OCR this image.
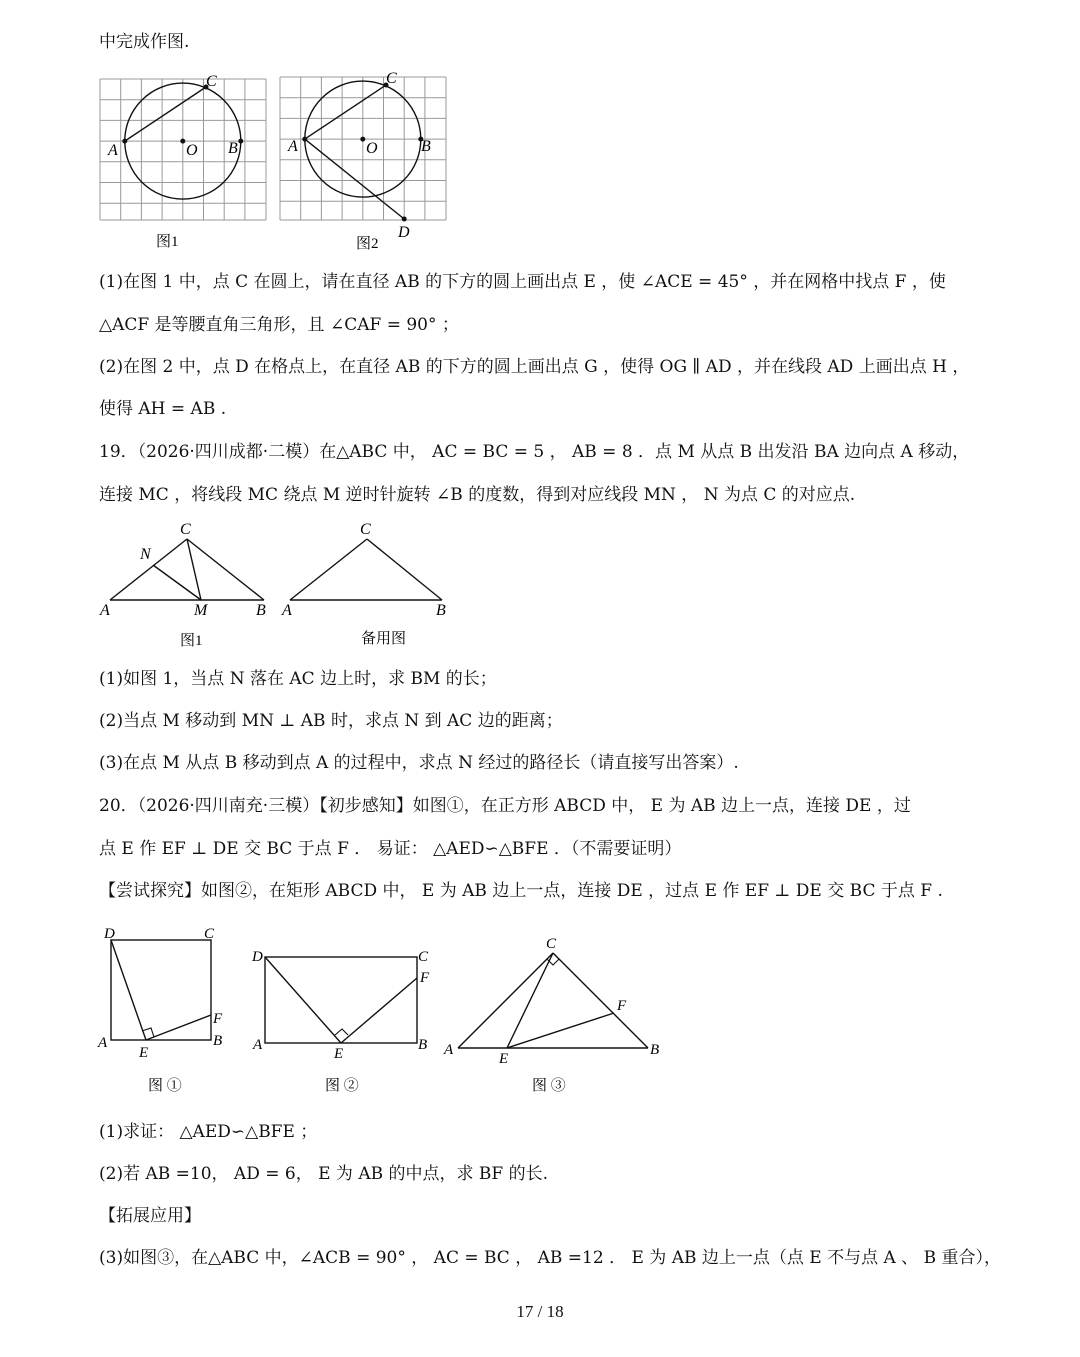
中完成作图.
A	O B
C
图1
A	O	B
C
D
图2
(1)在图 1 中，点 C 在圆上，请在直径 AB 的下方的圆上画出点 E ，使 ∠ACE = 45° ，并在网格中找点 F ，使
△ACF 是等腰直角三角形，且 ∠CAF = 90° ；
(2)在图 2 中，点 D 在格点上，在直径 AB 的下方的圆上画出点 G ，使得 OG ∥ AD ，并在线段 AD 上画出点 H ，
使得 AH = AB .
19．（2026·四川成都·二模）在△ABC 中， AC = BC = 5 ， AB = 8 ．点 M 从点 B 出发沿 BA 边向点 A 移动，
连接 MC ，将线段 MC 绕点 M 逆时针旋转 ∠B 的度数，得到对应线段 MN ， N 为点 C 的对应点.
A	M	B
C
N
图1
A	B
C
备用图
(1)如图 1，当点 N 落在 AC 边上时，求 BM 的长；
(2)当点 M 移动到 MN ⊥ AB 时，求点 N 到 AC 边的距离；
(3)在点 M 从点 B 移动到点 A 的过程中，求点 N 经过的路径长（请直接写出答案）.
20．（2026·四川南充·三模）【初步感知】如图①，在正方形 ABCD 中， E 为 AB 边上一点，连接 DE ，过
点 E 作 EF ⊥ DE 交 BC 于点 F ． 易证： △AED∽△BFE ．（不需要证明）
【尝试探究】如图②，在矩形 ABCD 中， E 为 AB 边上一点，连接 DE ，过点 E 作 EF ⊥ DE 交 BC 于点 F .
D	C
A
E
B
F
图 ①
D	C
F
A
E
B
图 ②
C
A
E
B
F
图 ③
(1)求证： △AED∽△BFE ；
(2)若 AB =10， AD = 6， E 为 AB 的中点，求 BF 的长.
【拓展应用】
(3)如图③，在△ABC 中，∠ACB = 90° ， AC = BC ， AB =12 ． E 为 AB 边上一点（点 E 不与点 A 、 B 重合），
17 / 18
